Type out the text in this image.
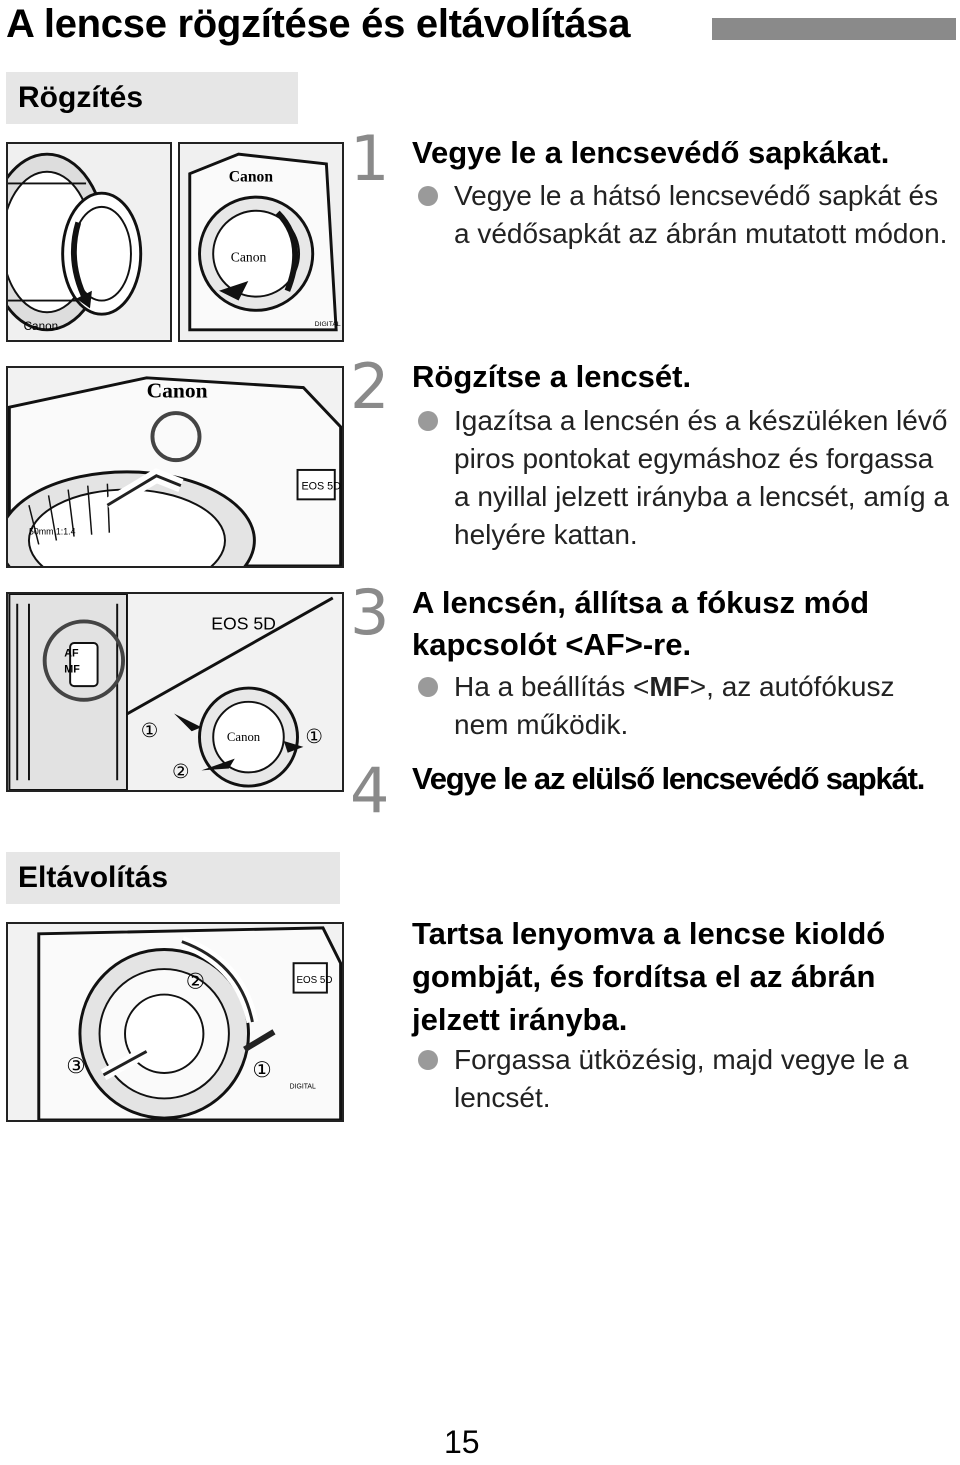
A lencse rögzítése és eltávolítása
Rögzítés
Canon
Canon
Canon
DIGITAL
1 Vegye le a lencsevédő sapkákat.
Vegye le a hátsó lencsevédő sapkát és a védősapkát az ábrán mutatott módon.
Canon
EOS 5D
50mm 1:1.4
2 Rögzítse a lencsét.
Igazítsa a lencsén és a készüléken lévő piros pontokat egymáshoz és forgassa a nyillal jelzett irányba a lencsét, amíg a helyére kattan.
AF
MF
Canon
EOS 5D
①
②
①
3 A lencsén, állítsa a fókusz mód kapcsolót <AF>-re.
Ha a beállítás <MF>, az autófókusz nem működik.
4 Vegye le az elülső lencsevédő sapkát.
Eltávolítás
EOS 5D
②
③	①
DIGITAL
Tartsa lenyomva a lencse kioldó gombját, és fordítsa el az ábrán jelzett irányba.
Forgassa ütközésig, majd vegye le a lencsét.
15
